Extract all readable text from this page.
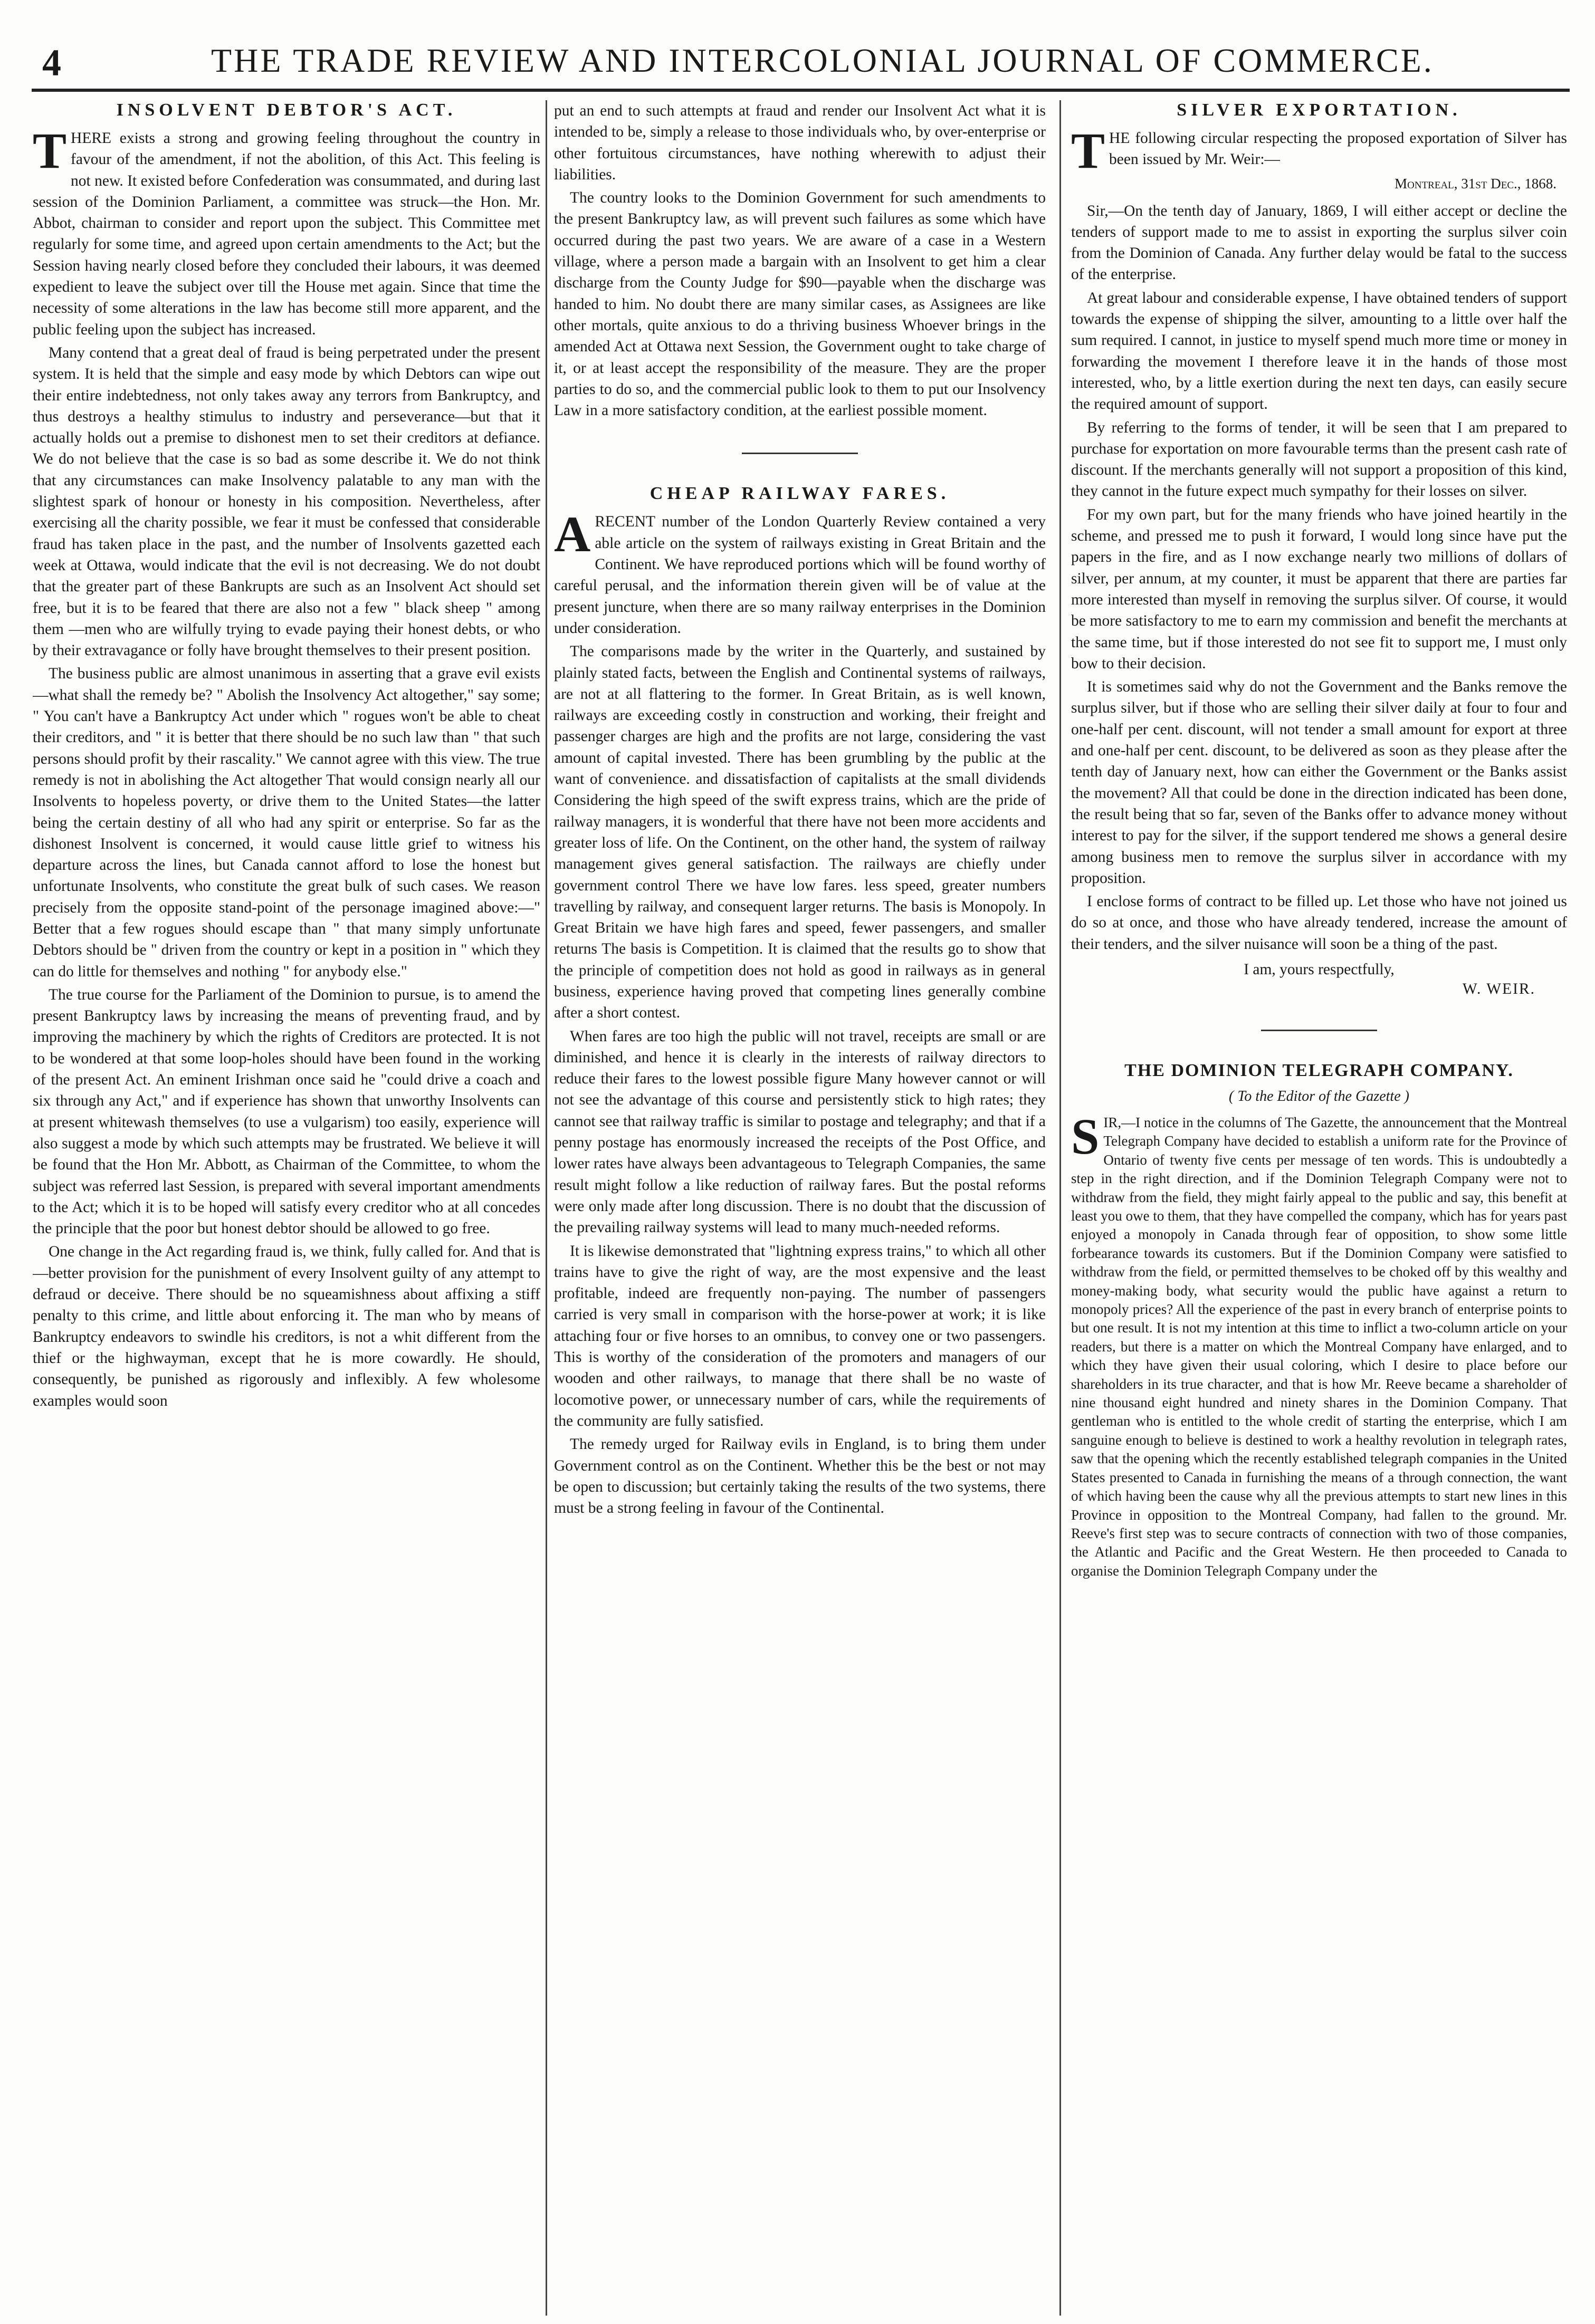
4	THE TRADE REVIEW AND INTERCOLONIAL JOURNAL OF COMMERCE.
INSOLVENT DEBTOR'S ACT.

THERE exists a strong and growing feeling throughout the country in favour of the amendment, if not the abolition, of this Act. This feeling is not new. It existed before Confederation was consummated, and during last session of the Dominion Parliament, a committee was struck—the Hon. Mr. Abbot, chairman to consider and report upon the subject. This Committee met regularly for some time, and agreed upon certain amendments to the Act; but the Session having nearly closed before they concluded their labours, it was deemed expedient to leave the subject over till the House met again. Since that time the necessity of some alterations in the law has become still more apparent, and the public feeling upon the subject has increased.

Many contend that a great deal of fraud is being perpetrated under the present system. It is held that the simple and easy mode by which Debtors can wipe out their entire indebtedness, not only takes away any terrors from Bankruptcy, and thus destroys a healthy stimulus to industry and perseverance—but that it actually holds out a premise to dishonest men to set their creditors at defiance. We do not believe that the case is so bad as some describe it. We do not think that any circumstances can make Insolvency palatable to any man with the slightest spark of honour or honesty in his composition. Nevertheless, after exercising all the charity possible, we fear it must be confessed that considerable fraud has taken place in the past, and the number of Insolvents gazetted each week at Ottawa, would indicate that the evil is not decreasing. We do not doubt that the greater part of these Bankrupts are such as an Insolvent Act should set free, but it is to be feared that there are also not a few " black sheep " among them —men who are wilfully trying to evade paying their honest debts, or who by their extravagance or folly have brought themselves to their present position.

The business public are almost unanimous in asserting that a grave evil exists—what shall the remedy be? " Abolish the Insolvency Act altogether," say some; " You can't have a Bankruptcy Act under which " rogues won't be able to cheat their creditors, and " it is better that there should be no such law than " that such persons should profit by their rascality." We cannot agree with this view. The true remedy is not in abolishing the Act altogether That would consign nearly all our Insolvents to hopeless poverty, or drive them to the United States—the latter being the certain destiny of all who had any spirit or enterprise. So far as the dishonest Insolvent is concerned, it would cause little grief to witness his departure across the lines, but Canada cannot afford to lose the honest but unfortunate Insolvents, who constitute the great bulk of such cases. We reason precisely from the opposite stand-point of the personage imagined above:—" Better that a few rogues should escape than " that many simply unfortunate Debtors should be " driven from the country or kept in a position in " which they can do little for themselves and nothing " for anybody else."

The true course for the Parliament of the Dominion to pursue, is to amend the present Bankruptcy laws by increasing the means of preventing fraud, and by improving the machinery by which the rights of Creditors are protected. It is not to be wondered at that some loop-holes should have been found in the working of the present Act. An eminent Irishman once said he "could drive a coach and six through any Act," and if experience has shown that unworthy Insolvents can at present whitewash themselves (to use a vulgarism) too easily, experience will also suggest a mode by which such attempts may be frustrated. We believe it will be found that the Hon Mr. Abbott, as Chairman of the Committee, to whom the subject was referred last Session, is prepared with several important amendments to the Act; which it is to be hoped will satisfy every creditor who at all concedes the principle that the poor but honest debtor should be allowed to go free.

One change in the Act regarding fraud is, we think, fully called for. And that is—better provision for the punishment of every Insolvent guilty of any attempt to defraud or deceive. There should be no squeamishness about affixing a stiff penalty to this crime, and little about enforcing it. The man who by means of Bankruptcy endeavors to swindle his creditors, is not a whit different from the thief or the highwayman, except that he is more cowardly. He should, consequently, be punished as rigorously and inflexibly. A few wholesome examples would soon

put an end to such attempts at fraud and render our Insolvent Act what it is intended to be, simply a release to those individuals who, by over-enterprise or other fortuitous circumstances, have nothing wherewith to adjust their liabilities.

The country looks to the Dominion Government for such amendments to the present Bankruptcy law, as will prevent such failures as some which have occurred during the past two years. We are aware of a case in a Western village, where a person made a bargain with an Insolvent to get him a clear discharge from the County Judge for $90—payable when the discharge was handed to him. No doubt there are many similar cases, as Assignees are like other mortals, quite anxious to do a thriving business Whoever brings in the amended Act at Ottawa next Session, the Government ought to take charge of it, or at least accept the responsibility of the measure. They are the proper parties to do so, and the commercial public look to them to put our Insolvency Law in a more satisfactory condition, at the earliest possible moment.

CHEAP RAILWAY FARES.

ARECENT number of the London Quarterly Review contained a very able article on the system of railways existing in Great Britain and the Continent. We have reproduced portions which will be found worthy of careful perusal, and the information therein given will be of value at the present juncture, when there are so many railway enterprises in the Dominion under consideration.

The comparisons made by the writer in the Quarterly, and sustained by plainly stated facts, between the English and Continental systems of railways, are not at all flattering to the former. In Great Britain, as is well known, railways are exceeding costly in construction and working, their freight and passenger charges are high and the profits are not large, considering the vast amount of capital invested. There has been grumbling by the public at the want of convenience. and dissatisfaction of capitalists at the small dividends Considering the high speed of the swift express trains, which are the pride of railway managers, it is wonderful that there have not been more accidents and greater loss of life. On the Continent, on the other hand, the system of railway management gives general satisfaction. The railways are chiefly under government control There we have low fares. less speed, greater numbers travelling by railway, and consequent larger returns. The basis is Monopoly. In Great Britain we have high fares and speed, fewer passengers, and smaller returns The basis is Competition. It is claimed that the results go to show that the principle of competition does not hold as good in railways as in general business, experience having proved that competing lines generally combine after a short contest.

When fares are too high the public will not travel, receipts are small or are diminished, and hence it is clearly in the interests of railway directors to reduce their fares to the lowest possible figure Many however cannot or will not see the advantage of this course and persistently stick to high rates; they cannot see that railway traffic is similar to postage and telegraphy; and that if a penny postage has enormously increased the receipts of the Post Office, and lower rates have always been advantageous to Telegraph Companies, the same result might follow a like reduction of railway fares. But the postal reforms were only made after long discussion. There is no doubt that the discussion of the prevailing railway systems will lead to many much-needed reforms.

It is likewise demonstrated that "lightning express trains," to which all other trains have to give the right of way, are the most expensive and the least profitable, indeed are frequently non-paying. The number of passengers carried is very small in comparison with the horse-power at work; it is like attaching four or five horses to an omnibus, to convey one or two passengers. This is worthy of the consideration of the promoters and managers of our wooden and other railways, to manage that there shall be no waste of locomotive power, or unnecessary number of cars, while the requirements of the community are fully satisfied.

The remedy urged for Railway evils in England, is to bring them under Government control as on the Continent. Whether this be the best or not may be open to discussion; but certainly taking the results of the two systems, there must be a strong feeling in favour of the Continental.

SILVER EXPORTATION.

THE following circular respecting the proposed exportation of Silver has been issued by Mr. Weir:—

Montreal, 31st Dec., 1868.

Sir,—On the tenth day of January, 1869, I will either accept or decline the tenders of support made to me to assist in exporting the surplus silver coin from the Dominion of Canada. Any further delay would be fatal to the success of the enterprise.

At great labour and considerable expense, I have obtained tenders of support towards the expense of shipping the silver, amounting to a little over half the sum required. I cannot, in justice to myself spend much more time or money in forwarding the movement I therefore leave it in the hands of those most interested, who, by a little exertion during the next ten days, can easily secure the required amount of support.

By referring to the forms of tender, it will be seen that I am prepared to purchase for exportation on more favourable terms than the present cash rate of discount. If the merchants generally will not support a proposition of this kind, they cannot in the future expect much sympathy for their losses on silver.

For my own part, but for the many friends who have joined heartily in the scheme, and pressed me to push it forward, I would long since have put the papers in the fire, and as I now exchange nearly two millions of dollars of silver, per annum, at my counter, it must be apparent that there are parties far more interested than myself in removing the surplus silver. Of course, it would be more satisfactory to me to earn my commission and benefit the merchants at the same time, but if those interested do not see fit to support me, I must only bow to their decision.

It is sometimes said why do not the Government and the Banks remove the surplus silver, but if those who are selling their silver daily at four to four and one-half per cent. discount, will not tender a small amount for export at three and one-half per cent. discount, to be delivered as soon as they please after the tenth day of January next, how can either the Government or the Banks assist the movement? All that could be done in the direction indicated has been done, the result being that so far, seven of the Banks offer to advance money without interest to pay for the silver, if the support tendered me shows a general desire among business men to remove the surplus silver in accordance with my proposition.

I enclose forms of contract to be filled up. Let those who have not joined us do so at once, and those who have already tendered, increase the amount of their tenders, and the silver nuisance will soon be a thing of the past.

I am, yours respectfully,
W. WEIR.
THE DOMINION TELEGRAPH COMPANY.
( To the Editor of the Gazette )

SIR,—I notice in the columns of The Gazette, the announcement that the Montreal Telegraph Company have decided to establish a uniform rate for the Province of Ontario of twenty five cents per message of ten words. This is undoubtedly a step in the right direction, and if the Dominion Telegraph Company were not to withdraw from the field, they might fairly appeal to the public and say, this benefit at least you owe to them, that they have compelled the company, which has for years past enjoyed a monopoly in Canada through fear of opposition, to show some little forbearance towards its customers. But if the Dominion Company were satisfied to withdraw from the field, or permitted themselves to be choked off by this wealthy and money-making body, what security would the public have against a return to monopoly prices? All the experience of the past in every branch of enterprise points to but one result. It is not my intention at this time to inflict a two-column article on your readers, but there is a matter on which the Montreal Company have enlarged, and to which they have given their usual coloring, which I desire to place before our shareholders in its true character, and that is how Mr. Reeve became a shareholder of nine thousand eight hundred and ninety shares in the Dominion Company. That gentleman who is entitled to the whole credit of starting the enterprise, which I am sanguine enough to believe is destined to work a healthy revolution in telegraph rates, saw that the opening which the recently established telegraph companies in the United States presented to Canada in furnishing the means of a through connection, the want of which having been the cause why all the previous attempts to start new lines in this Province in opposition to the Montreal Company, had fallen to the ground. Mr. Reeve's first step was to secure contracts of connection with two of those companies, the Atlantic and Pacific and the Great Western. He then proceeded to Canada to organise the Dominion Telegraph Company under the
